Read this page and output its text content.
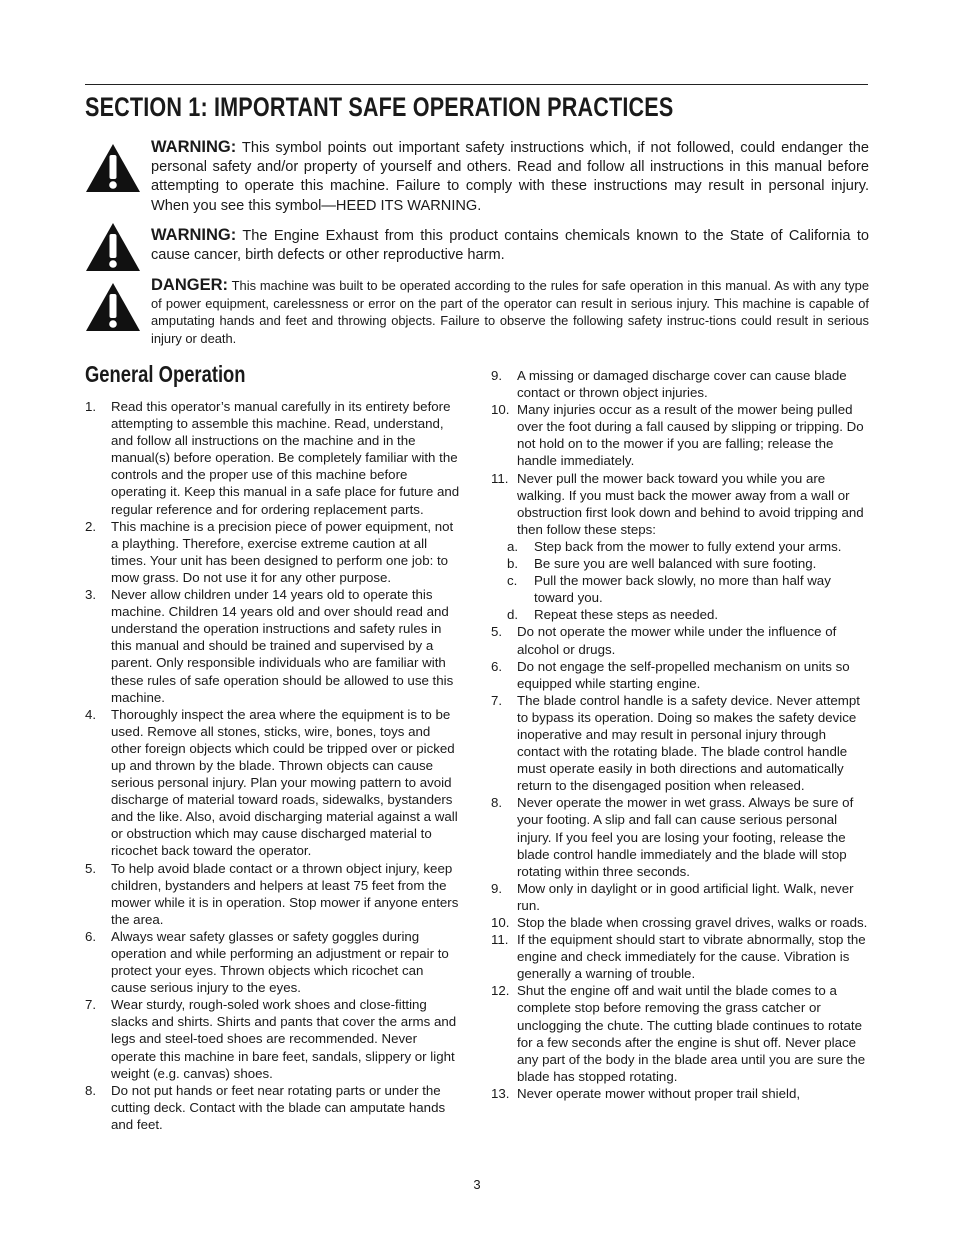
SECTION 1: IMPORTANT SAFE OPERATION PRACTICES
WARNING: This symbol points out important safety instructions which, if not followed, could endanger the personal safety and/or property of yourself and others. Read and follow all instructions in this manual before attempting to operate this machine. Failure to comply with these instructions may result in personal injury. When you see this symbol—HEED ITS WARNING.
WARNING: The Engine Exhaust from this product contains chemicals known to the State of California to cause cancer, birth defects or other reproductive harm.
DANGER: This machine was built to be operated according to the rules for safe operation in this manual. As with any type of power equipment, carelessness or error on the part of the operator can result in serious injury. This machine is capable of amputating hands and feet and throwing objects. Failure to observe the following safety instruc-tions could result in serious injury or death.
General Operation
1. Read this operator’s manual carefully in its entirety before attempting to assemble this machine. Read, understand, and follow all instructions on the machine and in the manual(s) before operation. Be completely familiar with the controls and the proper use of this machine before operating it. Keep this manual in a safe place for future and regular reference and for ordering replacement parts.
2. This machine is a precision piece of power equipment, not a plaything. Therefore, exercise extreme caution at all times. Your unit has been designed to perform one job: to mow grass. Do not use it for any other purpose.
3. Never allow children under 14 years old to operate this machine. Children 14 years old and over should read and understand the operation instructions and safety rules in this manual and should be trained and supervised by a parent. Only responsible individuals who are familiar with these rules of safe operation should be allowed to use this machine.
4. Thoroughly inspect the area where the equipment is to be used. Remove all stones, sticks, wire, bones, toys and other foreign objects which could be tripped over or picked up and thrown by the blade. Thrown objects can cause serious personal injury. Plan your mowing pattern to avoid discharge of material toward roads, sidewalks, bystanders and the like. Also, avoid discharging material against a wall or obstruction which may cause discharged material to ricochet back toward the operator.
5. To help avoid blade contact or a thrown object injury, keep children, bystanders and helpers at least 75 feet from the mower while it is in operation. Stop mower if anyone enters the area.
6. Always wear safety glasses or safety goggles during operation and while performing an adjustment or repair to protect your eyes. Thrown objects which ricochet can cause serious injury to the eyes.
7. Wear sturdy, rough-soled work shoes and close-fitting slacks and shirts. Shirts and pants that cover the arms and legs and steel-toed shoes are recommended. Never operate this machine in bare feet, sandals, slippery or light weight (e.g. canvas) shoes.
8. Do not put hands or feet near rotating parts or under the cutting deck. Contact with the blade can amputate hands and feet.
9. A missing or damaged discharge cover can cause blade contact or thrown object injuries.
10. Many injuries occur as a result of the mower being pulled over the foot during a fall caused by slipping or tripping. Do not hold on to the mower if you are falling; release the handle immediately.
11. Never pull the mower back toward you while you are walking. If you must back the mower away from a wall or obstruction first look down and behind to avoid tripping and then follow these steps:
a. Step back from the mower to fully extend your arms.
b. Be sure you are well balanced with sure footing.
c. Pull the mower back slowly, no more than half way toward you.
d. Repeat these steps as needed.
5. Do not operate the mower while under the influence of alcohol or drugs.
6. Do not engage the self-propelled mechanism on units so equipped while starting engine.
7. The blade control handle is a safety device. Never attempt to bypass its operation. Doing so makes the safety device inoperative and may result in personal injury through contact with the rotating blade. The blade control handle must operate easily in both directions and automatically return to the disengaged position when released.
8. Never operate the mower in wet grass. Always be sure of your footing. A slip and fall can cause serious personal injury. If you feel you are losing your footing, release the blade control handle immediately and the blade will stop rotating within three seconds.
9. Mow only in daylight or in good artificial light. Walk, never run.
10. Stop the blade when crossing gravel drives, walks or roads.
11. If the equipment should start to vibrate abnormally, stop the engine and check immediately for the cause. Vibration is generally a warning of trouble.
12. Shut the engine off and wait until the blade comes to a complete stop before removing the grass catcher or unclogging the chute. The cutting blade continues to rotate for a few seconds after the engine is shut off. Never place any part of the body in the blade area until you are sure the blade has stopped rotating.
13. Never operate mower without proper trail shield,
3
